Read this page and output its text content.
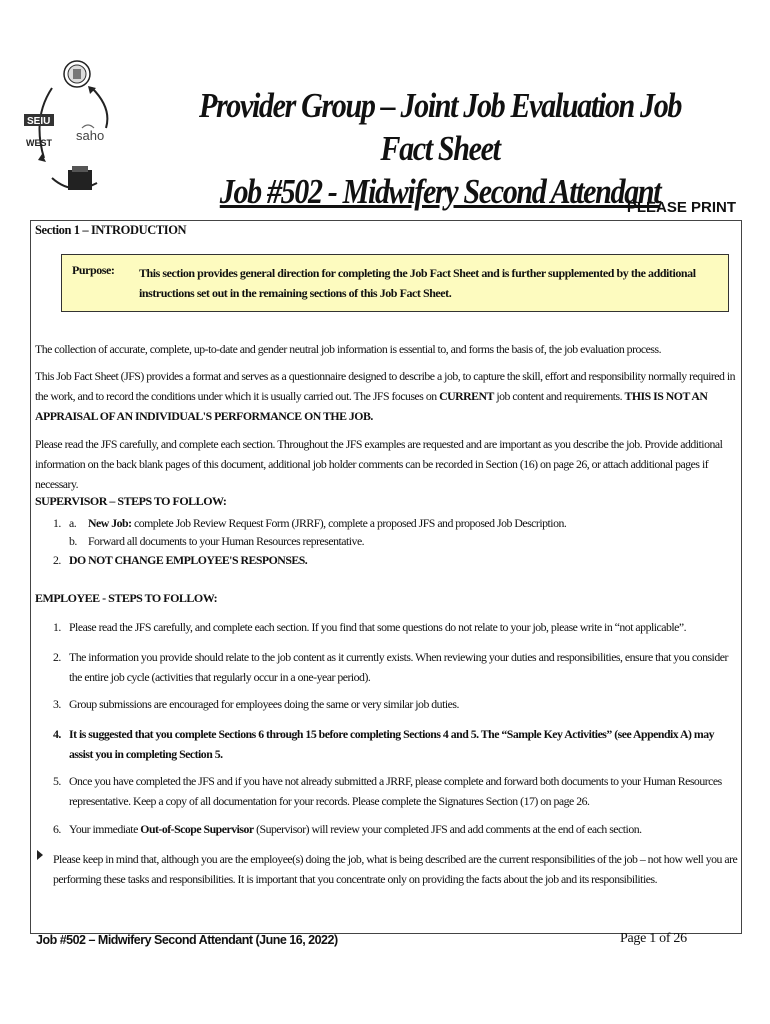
SEIU
WEST saho
Provider Group – Joint Job Evaluation Job Fact Sheet
Job #502 - Midwifery Second Attendant
PLEASE PRINT
Section 1 – INTRODUCTION
Purpose: This section provides general direction for completing the Job Fact Sheet and is further supplemented by the additional instructions set out in the remaining sections of this Job Fact Sheet.
The collection of accurate, complete, up-to-date and gender neutral job information is essential to, and forms the basis of, the job evaluation process.
This Job Fact Sheet (JFS) provides a format and serves as a questionnaire designed to describe a job, to capture the skill, effort and responsibility normally required in the work, and to record the conditions under which it is usually carried out. The JFS focuses on CURRENT job content and requirements. THIS IS NOT AN APPRAISAL OF AN INDIVIDUAL'S PERFORMANCE ON THE JOB.
Please read the JFS carefully, and complete each section. Throughout the JFS examples are requested and are important as you describe the job. Provide additional information on the back blank pages of this document, additional job holder comments can be recorded in Section (16) on page 26, or attach additional pages if necessary.
SUPERVISOR – STEPS TO FOLLOW:
1. a. New Job: complete Job Review Request Form (JRRF), complete a proposed JFS and proposed Job Description.
b. Forward all documents to your Human Resources representative.
2. DO NOT CHANGE EMPLOYEE'S RESPONSES.
EMPLOYEE - STEPS TO FOLLOW:
1. Please read the JFS carefully, and complete each section. If you find that some questions do not relate to your job, please write in “not applicable”.
2. The information you provide should relate to the job content as it currently exists. When reviewing your duties and responsibilities, ensure that you consider the entire job cycle (activities that regularly occur in a one-year period).
3. Group submissions are encouraged for employees doing the same or very similar job duties.
4. It is suggested that you complete Sections 6 through 15 before completing Sections 4 and 5. The “Sample Key Activities” (see Appendix A) may assist you in completing Section 5.
5. Once you have completed the JFS and if you have not already submitted a JRRF, please complete and forward both documents to your Human Resources representative. Keep a copy of all documentation for your records. Please complete the Signatures Section (17) on page 26.
6. Your immediate Out-of-Scope Supervisor (Supervisor) will review your completed JFS and add comments at the end of each section.
Please keep in mind that, although you are the employee(s) doing the job, what is being described are the current responsibilities of the job – not how well you are performing these tasks and responsibilities. It is important that you concentrate only on providing the facts about the job and its responsibilities.
Job #502 – Midwifery Second Attendant (June 16, 2022)	Page 1 of 26
